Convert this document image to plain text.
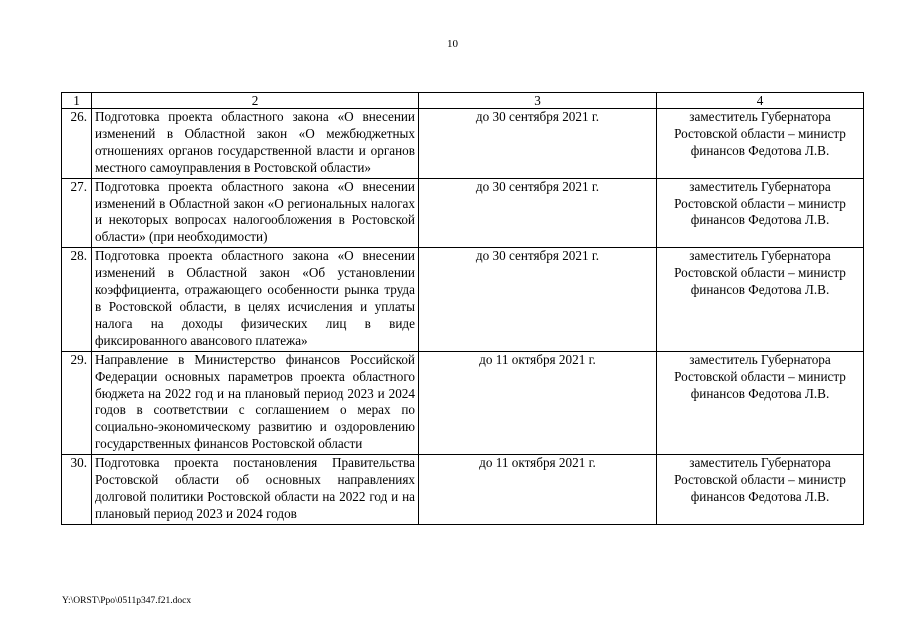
10
1	2	3	4
26.	Подготовка проекта областного закона «О внесении изменений в Областной закон «О межбюджетных отношениях органов государственной власти и органов местного самоуправления в Ростовской области»	до 30 сентября 2021 г.	заместитель Губернатора Ростовской области – министр финансов Федотова Л.В.
27.	Подготовка проекта областного закона «О внесении изменений в Областной закон «О региональных налогах и некоторых вопросах налогообложения в Ростовской области» (при необходимости)	до 30 сентября 2021 г.	заместитель Губернатора Ростовской области – министр финансов Федотова Л.В.
28.	Подготовка проекта областного закона «О внесении изменений в Областной закон «Об установлении коэффициента, отражающего особенности рынка труда в Ростовской области, в целях исчисления и уплаты налога на доходы физических лиц в виде фиксированного авансового платежа»	до 30 сентября 2021 г.	заместитель Губернатора Ростовской области – министр финансов Федотова Л.В.
29.	Направление в Министерство финансов Российской Федерации основных параметров проекта областного бюджета на 2022 год и на плановый период 2023 и 2024 годов в соответствии с соглашением о мерах по социально-экономическому развитию и оздоровлению государственных финансов Ростовской области	до 11 октября 2021 г.	заместитель Губернатора Ростовской области – министр финансов Федотова Л.В.
30.	Подготовка проекта постановления Правительства Ростовской области об основных направлениях долговой политики Ростовской области на 2022 год и на плановый период 2023 и 2024 годов	до 11 октября 2021 г.	заместитель Губернатора Ростовской области – министр финансов Федотова Л.В.
Y:\ORST\Ppo\0511p347.f21.docx
